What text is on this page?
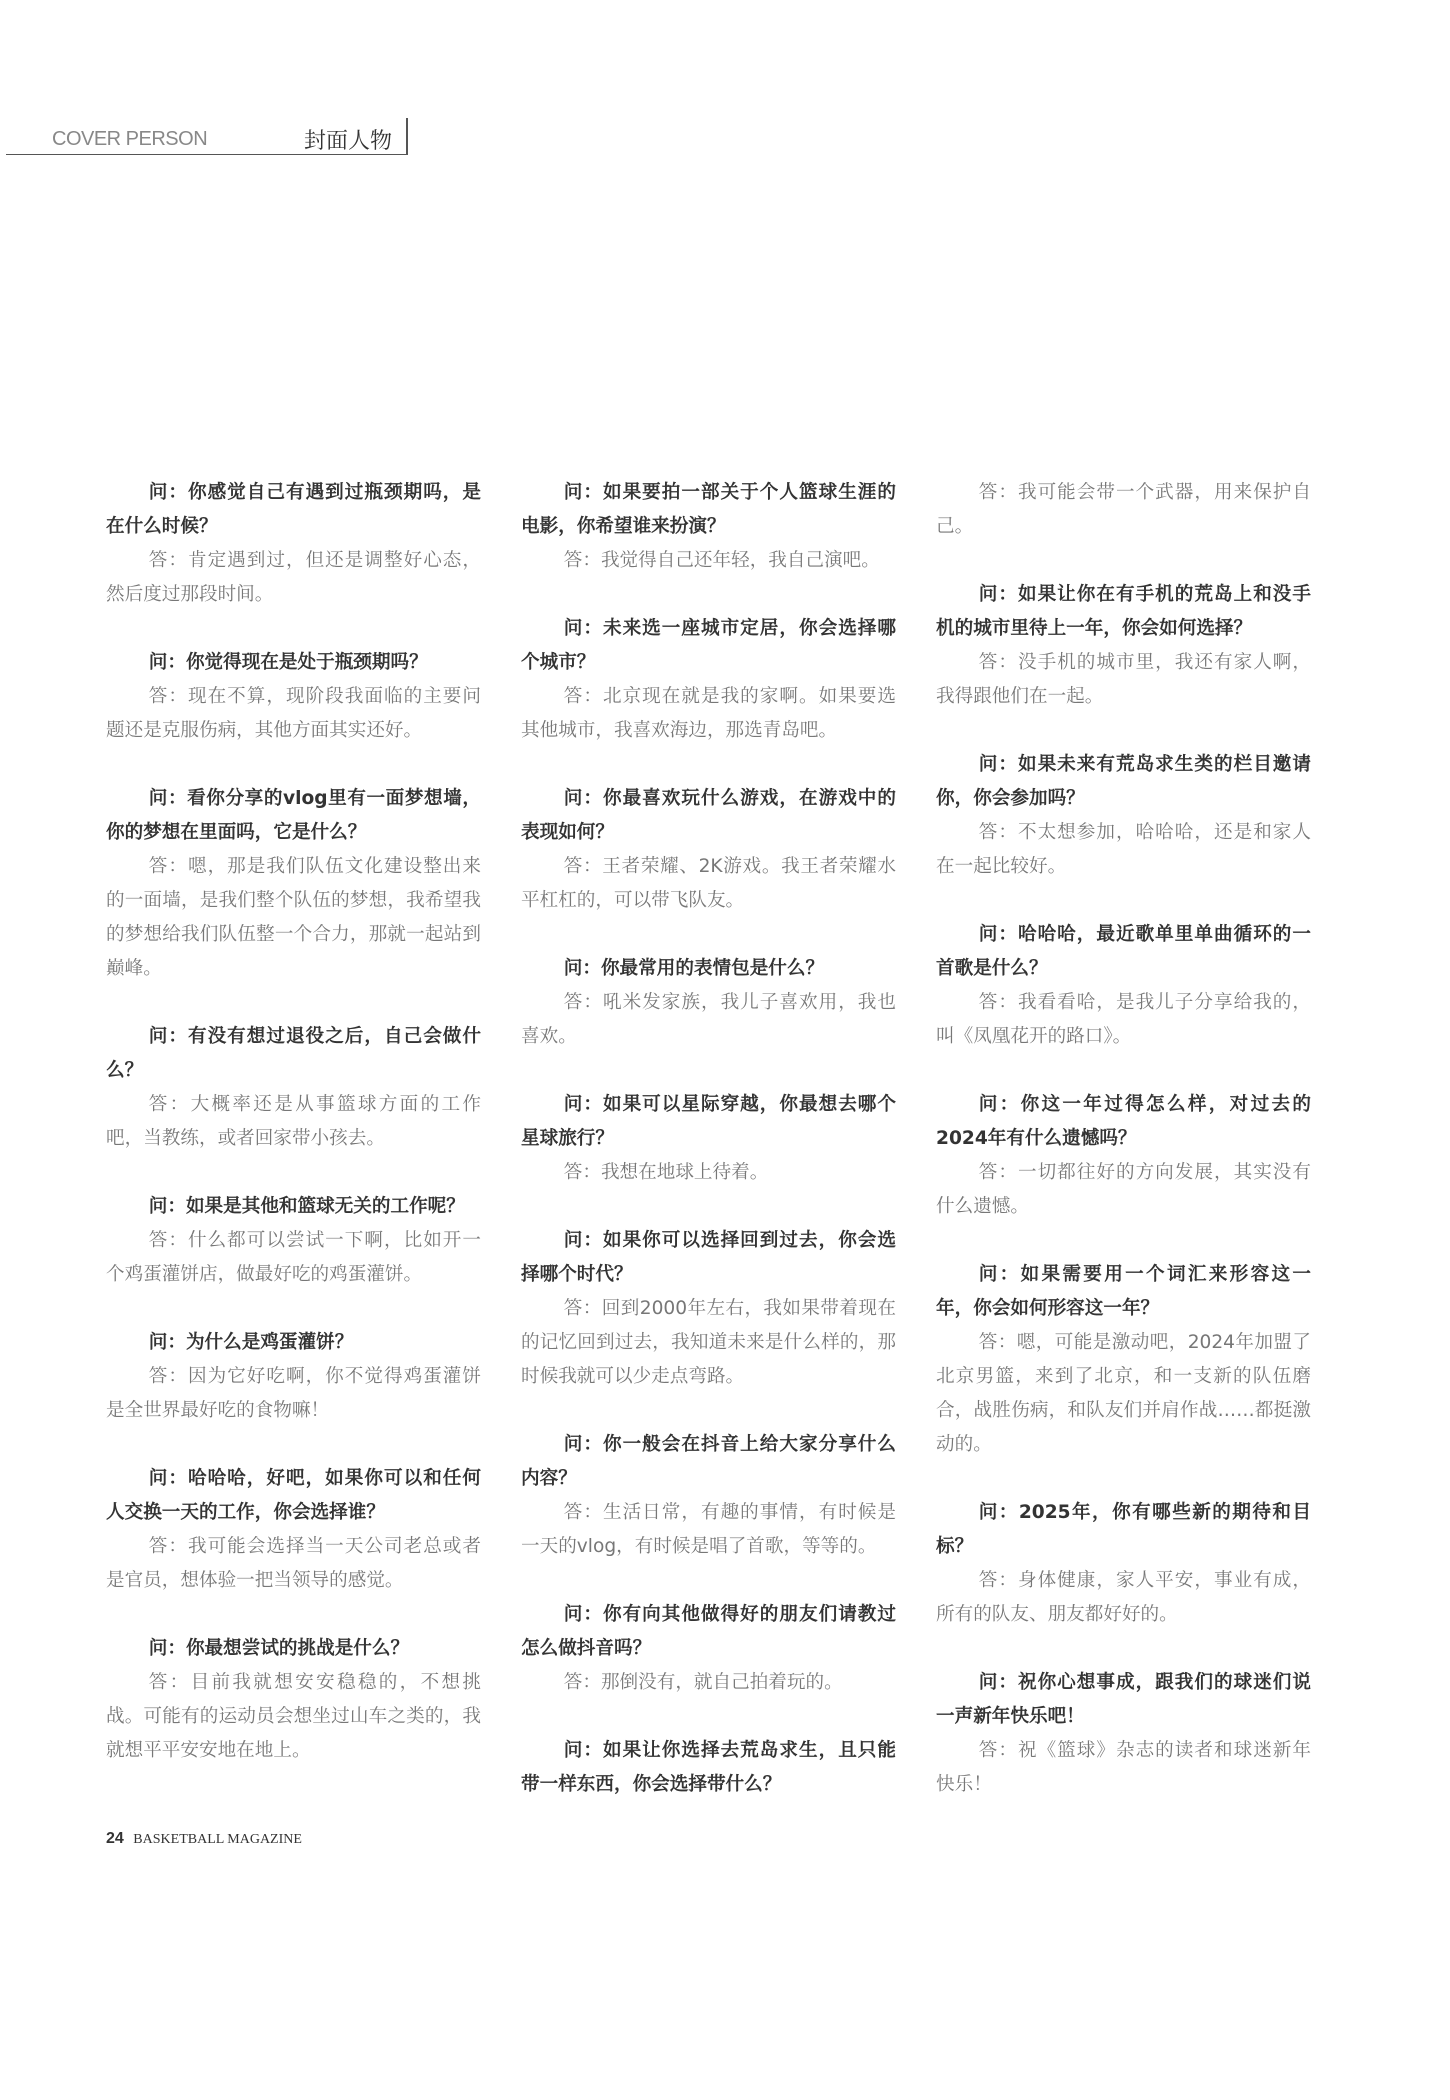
COVER PERSON	封面人物

问：你感觉自己有遇到过瓶颈期吗，是在什么时候？

答：肯定遇到过，但还是调整好心态，然后度过那段时间。

问：你觉得现在是处于瓶颈期吗？

答：现在不算，现阶段我面临的主要问题还是克服伤病，其他方面其实还好。

问：看你分享的vlog里有一面梦想墙，你的梦想在里面吗，它是什么？

答：嗯，那是我们队伍文化建设整出来的一面墙，是我们整个队伍的梦想，我希望我的梦想给我们队伍整一个合力，那就一起站到巅峰。

问：有没有想过退役之后，自己会做什么？

答：大概率还是从事篮球方面的工作吧，当教练，或者回家带小孩去。

问：如果是其他和篮球无关的工作呢？

答：什么都可以尝试一下啊，比如开一个鸡蛋灌饼店，做最好吃的鸡蛋灌饼。

问：为什么是鸡蛋灌饼？

答：因为它好吃啊，你不觉得鸡蛋灌饼是全世界最好吃的食物嘛！

问：哈哈哈，好吧，如果你可以和任何人交换一天的工作，你会选择谁？

答：我可能会选择当一天公司老总或者是官员，想体验一把当领导的感觉。

问：你最想尝试的挑战是什么？

答：目前我就想安安稳稳的，不想挑战。可能有的运动员会想坐过山车之类的，我就想平平安安地在地上。

问：如果要拍一部关于个人篮球生涯的电影，你希望谁来扮演？

答：我觉得自己还年轻，我自己演吧。

问：未来选一座城市定居，你会选择哪个城市？

答：北京现在就是我的家啊。如果要选其他城市，我喜欢海边，那选青岛吧。

问：你最喜欢玩什么游戏，在游戏中的表现如何？

答：王者荣耀、2K游戏。我王者荣耀水平杠杠的，可以带飞队友。

问：你最常用的表情包是什么？

答：吼米发家族，我儿子喜欢用，我也喜欢。

问：如果可以星际穿越，你最想去哪个星球旅行？

答：我想在地球上待着。

问：如果你可以选择回到过去，你会选择哪个时代？

答：回到2000年左右，我如果带着现在的记忆回到过去，我知道未来是什么样的，那时候我就可以少走点弯路。

问：你一般会在抖音上给大家分享什么内容？

答：生活日常，有趣的事情，有时候是一天的vlog，有时候是唱了首歌，等等的。

问：你有向其他做得好的朋友们请教过怎么做抖音吗？

答：那倒没有，就自己拍着玩的。

问：如果让你选择去荒岛求生，且只能带一样东西，你会选择带什么？

答：我可能会带一个武器，用来保护自己。

问：如果让你在有手机的荒岛上和没手机的城市里待上一年，你会如何选择？

答：没手机的城市里，我还有家人啊，我得跟他们在一起。

问：如果未来有荒岛求生类的栏目邀请你，你会参加吗？

答：不太想参加，哈哈哈，还是和家人在一起比较好。

问：哈哈哈，最近歌单里单曲循环的一首歌是什么？

答：我看看哈，是我儿子分享给我的，叫《凤凰花开的路口》。

问：你这一年过得怎么样，对过去的2024年有什么遗憾吗？

答：一切都往好的方向发展，其实没有什么遗憾。

问：如果需要用一个词汇来形容这一年，你会如何形容这一年？

答：嗯，可能是激动吧，2024年加盟了北京男篮，来到了北京，和一支新的队伍磨合，战胜伤病，和队友们并肩作战……都挺激动的。

问：2025年，你有哪些新的期待和目标？

答：身体健康，家人平安，事业有成，所有的队友、朋友都好好的。

问：祝你心想事成，跟我们的球迷们说一声新年快乐吧！

答：祝《篮球》杂志的读者和球迷新年快乐！

24 BASKETBALL MAGAZINE
